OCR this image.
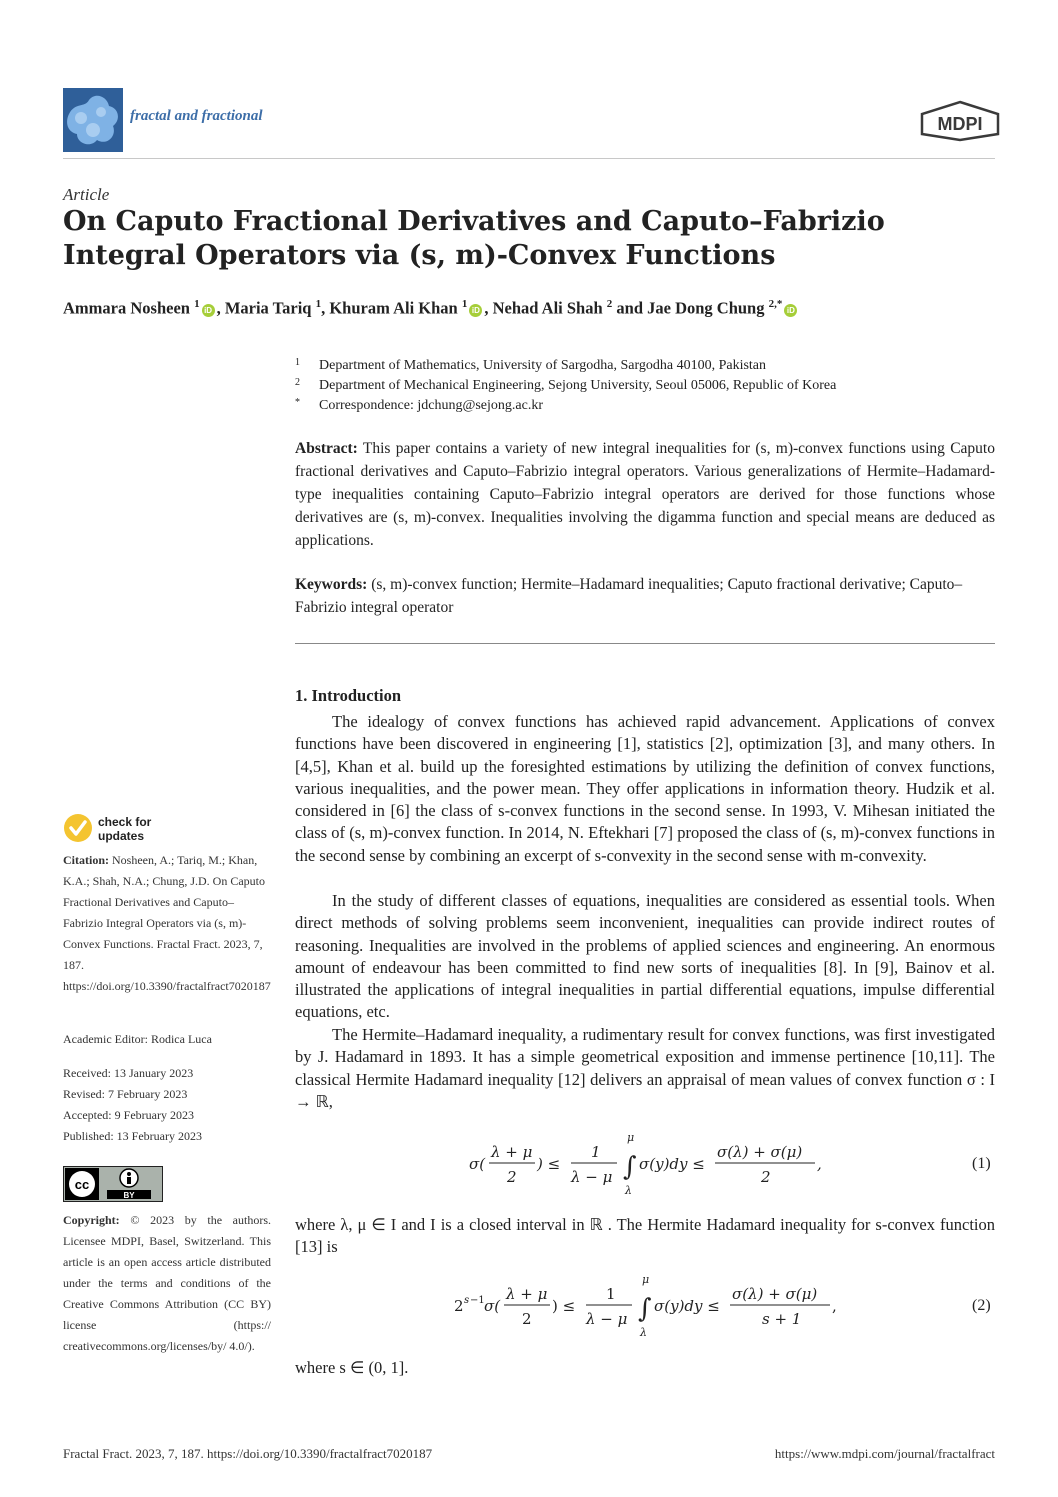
fractal and fractional	MDPI
Article
On Caputo Fractional Derivatives and Caputo–Fabrizio Integral Operators via (s, m)-Convex Functions
Ammara Nosheen $^1$ iD , Maria Tariq $^1$, Khuram Ali Khan $^1$ iD , Nehad Ali Shah $^2$ and Jae Dong Chung $^{2,*}$ iD
1 Department of Mathematics, University of Sargodha, Sargodha 40100, Pakistan
2 Department of Mechanical Engineering, Sejong University, Seoul 05006, Republic of Korea
* Correspondence: jdchung@sejong.ac.kr
Abstract: This paper contains a variety of new integral inequalities for (s, m)-convex functions using Caputo fractional derivatives and Caputo–Fabrizio integral operators. Various generalizations of Hermite–Hadamard-type inequalities containing Caputo–Fabrizio integral operators are derived for those functions whose derivatives are (s, m)-convex. Inequalities involving the digamma function and special means are deduced as applications.
Keywords: (s, m)-convex function; Hermite–Hadamard inequalities; Caputo fractional derivative; Caputo–Fabrizio integral operator
check for
updates
Citation: Nosheen, A.; Tariq, M.; Khan, K.A.; Shah, N.A.; Chung, J.D. On Caputo Fractional Derivatives and Caputo–Fabrizio Integral Operators via (s, m)-Convex Functions. Fractal Fract. 2023, 7, 187. https://doi.org/10.3390/fractalfract7020187
Academic Editor: Rodica Luca
Received: 13 January 2023
Revised: 7 February 2023
Accepted: 9 February 2023
Published: 13 February 2023
cc
BY
Copyright: © 2023 by the authors. Licensee MDPI, Basel, Switzerland. This article is an open access article distributed under the terms and conditions of the Creative Commons Attribution (CC BY) license (https:// creativecommons.org/licenses/by/ 4.0/).
1. Introduction
The idealogy of convex functions has achieved rapid advancement. Applications of convex functions have been discovered in engineering [1], statistics [2], optimization [3], and many others. In [4,5], Khan et al. build up the foresighted estimations by utilizing the definition of convex functions, various inequalities, and the power mean. They offer applications in information theory. Hudzik et al. considered in [6] the class of s-convex functions in the second sense. In 1993, V. Mihesan initiated the class of (s, m)-convex function. In 2014, N. Eftekhari [7] proposed the class of (s, m)-convex functions in the second sense by combining an excerpt of s-convexity in the second sense with m-convexity.
In the study of different classes of equations, inequalities are considered as essential tools. When direct methods of solving problems seem inconvenient, inequalities can provide indirect routes of reasoning. Inequalities are involved in the problems of applied sciences and engineering. An enormous amount of endeavour has been committed to find new sorts of inequalities [8]. In [9], Bainov et al. illustrated the applications of integral inequalities in partial differential equations, impulse differential equations, etc.
The Hermite–Hadamard inequality, a rudimentary result for convex functions, was first investigated by J. Hadamard in 1893. It has a simple geometrical exposition and immense pertinence [10,11]. The classical Hermite Hadamard inequality [12] delivers an appraisal of mean values of convex function σ : I → ℝ,
σ(
λ + μ
2
) ≤
1
λ − μ ∫
μ
λ
σ(y)dy ≤
σ(λ) + σ(μ)
2
,	(1)
where λ, μ ∈ I and I is a closed interval in ℝ . The Hermite Hadamard inequality for s-convex function [13] is
2 s −1 σ(
λ + μ
2
) ≤
1
λ − μ ∫
μ
λ
σ(y)dy ≤
σ(λ) + σ(μ)
s + 1
,	(2)
where s ∈ (0, 1].
Fractal Fract. 2023, 7, 187. https://doi.org/10.3390/fractalfract7020187	https://www.mdpi.com/journal/fractalfract
